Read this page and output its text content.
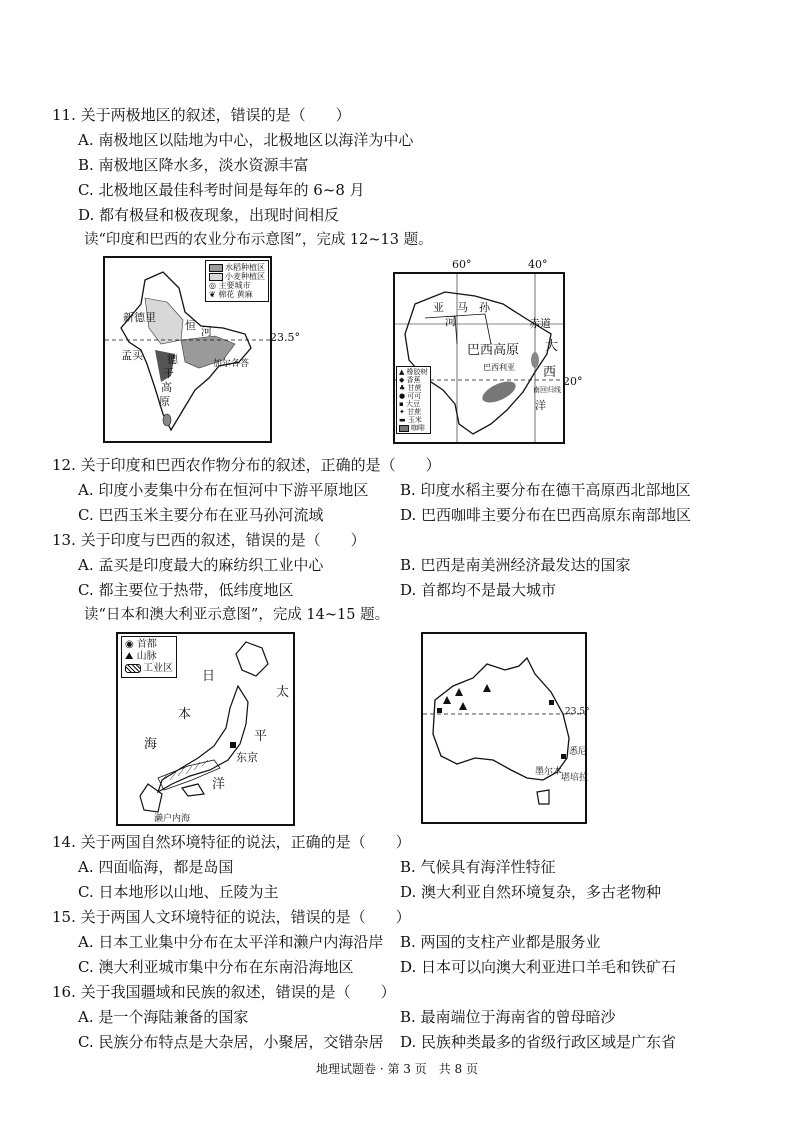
11. 关于两极地区的叙述，错误的是（　　）
A. 南极地区以陆地为中心，北极地区以海洋为中心
B. 南极地区降水多，淡水资源丰富
C. 北极地区最佳科考时间是每年的 6~8 月
D. 都有极昼和极夜现象，出现时间相反
读“印度和巴西的农业分布示意图”，完成 12~13 题。
水稻种植区
小麦种植区
◎ 主要城市
❦ 棉花 黄麻
新德里
恒 河
孟买
加尔各答
德
干
高
原
23.5°
60°	40°
赤道
亚 马 孙
河
巴西高原
巴西利亚
大
西
洋
南回归线
▲ 橡胶树
◆ 香蕉
♣ 甘蔗
● 可可
▪ 大豆
✦ 甘蔗
▬ 玉米
咖啡
20°
12. 关于印度和巴西农作物分布的叙述，正确的是（　　）
A. 印度小麦集中分布在恒河中下游平原地区 B. 印度水稻主要分布在德干高原西北部地区
C. 巴西玉米主要分布在亚马孙河流域	D. 巴西咖啡主要分布在巴西高原东南部地区
13. 关于印度与巴西的叙述，错误的是（　　）
A. 孟买是印度最大的麻纺织工业中心	B. 巴西是南美洲经济最发达的国家
C. 都主要位于热带，低纬度地区	D. 首都均不是最大城市
读“日本和澳大利亚示意图”，完成 14~15 题。
◉ 首都
⛰ 山脉
工业区
日
本
海
太
平
洋
东京
濑户内海
23.5°
悉尼
墨尔本
堪培拉
14. 关于两国自然环境特征的说法，正确的是（　　）
A. 四面临海，都是岛国	B. 气候具有海洋性特征
C. 日本地形以山地、丘陵为主	D. 澳大利亚自然环境复杂，多古老物种
15. 关于两国人文环境特征的说法，错误的是（　　）
A. 日本工业集中分布在太平洋和濑户内海沿岸 B. 两国的支柱产业都是服务业
C. 澳大利亚城市集中分布在东南沿海地区	D. 日本可以向澳大利亚进口羊毛和铁矿石
16. 关于我国疆域和民族的叙述，错误的是（　　）
A. 是一个海陆兼备的国家	B. 最南端位于海南省的曾母暗沙
C. 民族分布特点是大杂居，小聚居，交错杂居 D. 民族种类最多的省级行政区域是广东省
地理试题卷 · 第 3 页　共 8 页
